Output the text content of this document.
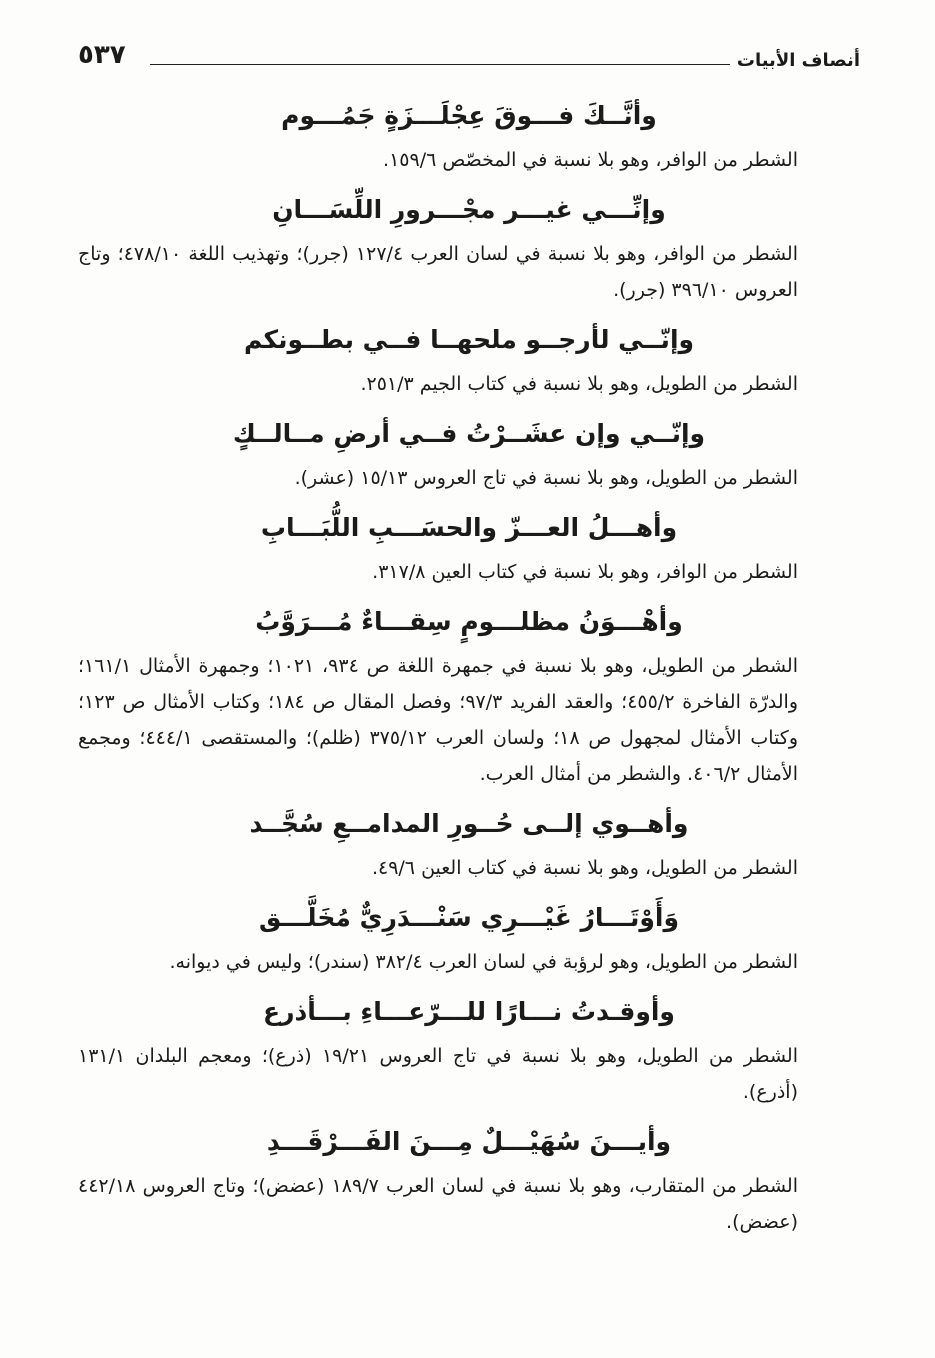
٥٣٧	أنصاف الأبيات
وأنَّــكَ فـــوقَ عِجْلَـــزَةٍ جَمُـــوم
الشطر من الوافر، وهو بلا نسبة في المخصّص ١٥٩/٦.
وإنِّـــي غيـــر مجْـــرورِ اللِّسَـــانِ
الشطر من الوافر، وهو بلا نسبة في لسان العرب ١٢٧/٤ (جرر)؛ وتهذيب اللغة ٤٧٨/١٠؛ وتاج العروس ٣٩٦/١٠ (جرر).
وإنّــي لأرجــو ملحهــا فــي بطــونكم
الشطر من الطويل، وهو بلا نسبة في كتاب الجيم ٢٥١/٣.
وإنّــي وإن عشَــرْتُ فــي أرضِ مــالــكٍ
الشطر من الطويل، وهو بلا نسبة في تاج العروس ١٥/١٣ (عشر).
وأهـــلُ العـــزّ والحسَـــبِ اللُّبَـــابِ
الشطر من الوافر، وهو بلا نسبة في كتاب العين ٣١٧/٨.
وأهْـــوَنُ مظلـــومٍ سِقـــاءٌ مُـــرَوَّبُ
الشطر من الطويل، وهو بلا نسبة في جمهرة اللغة ص ٩٣٤، ١٠٢١؛ وجمهرة الأمثال ١٦١/١؛ والدرّة الفاخرة ٤٥٥/٢؛ والعقد الفريد ٩٧/٣؛ وفصل المقال ص ١٨٤؛ وكتاب الأمثال ص ١٢٣؛ وكتاب الأمثال لمجهول ص ١٨؛ ولسان العرب ٣٧٥/١٢ (ظلم)؛ والمستقصى ٤٤٤/١؛ ومجمع الأمثال ٤٠٦/٢. والشطر من أمثال العرب.
وأهــوي إلــى حُــورِ المدامــعِ سُجَّــد
الشطر من الطويل، وهو بلا نسبة في كتاب العين ٤٩/٦.
وَأَوْتَـــارُ غَيْـــرِي سَنْـــدَرِيٌّ مُخَلَّـــق
الشطر من الطويل، وهو لرؤبة في لسان العرب ٣٨٢/٤ (سندر)؛ وليس في ديوانه.
وأوقـدتُ نـــارًا للـــرّعـــاءِ بـــأذرع
الشطر من الطويل، وهو بلا نسبة في تاج العروس ١٩/٢١ (ذرع)؛ ومعجم البلدان ١٣١/١ (أذرع).
وأيـــنَ سُهَيْـــلٌ مِـــنَ الفَـــرْقَـــدِ
الشطر من المتقارب، وهو بلا نسبة في لسان العرب ١٨٩/٧ (عضض)؛ وتاج العروس ٤٤٢/١٨ (عضض).
